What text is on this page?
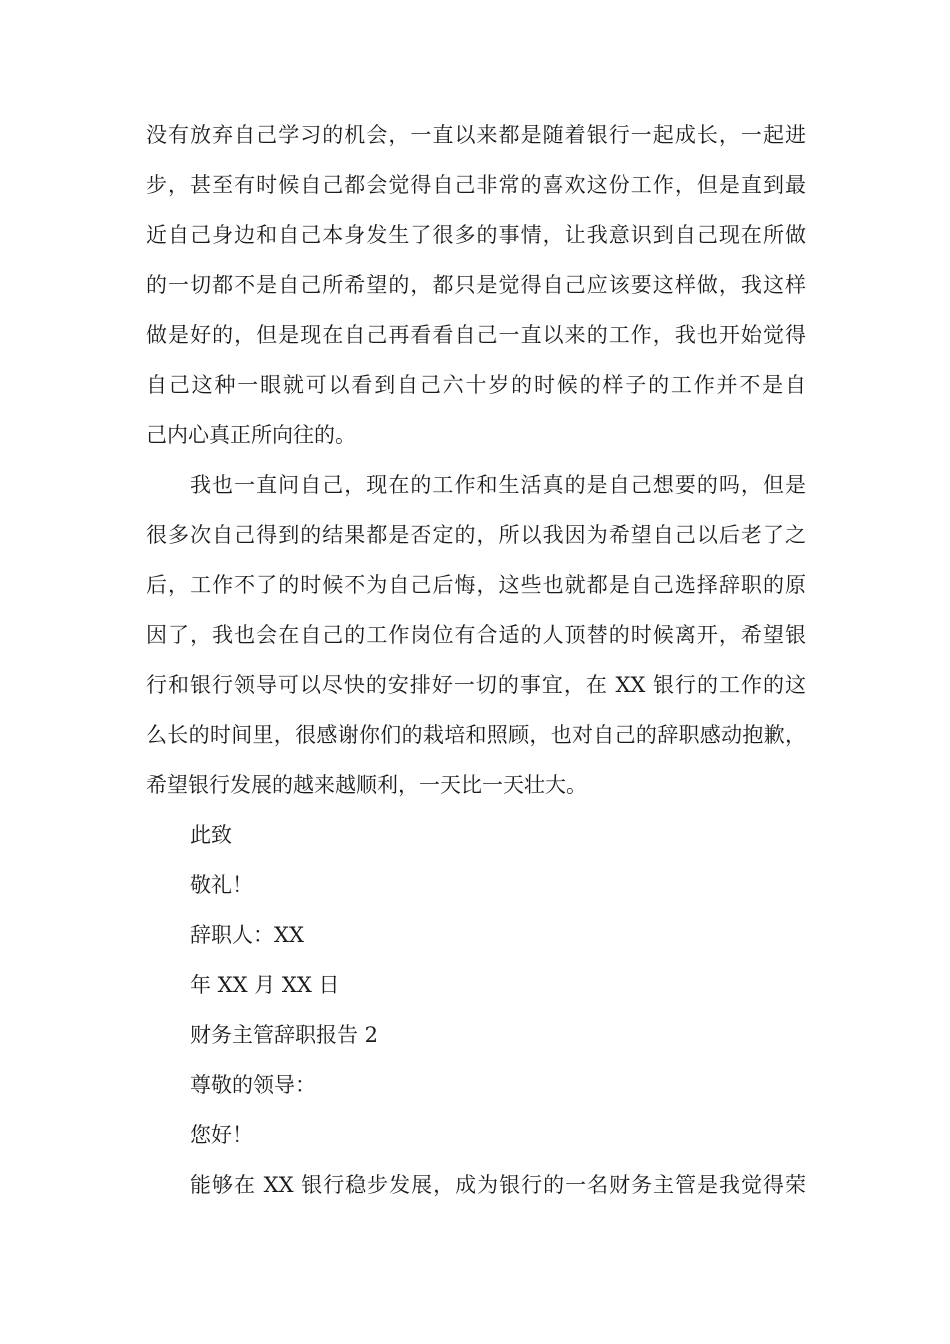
没有放弃自己学习的机会，一直以来都是随着银行一起成长，一起进
步，甚至有时候自己都会觉得自己非常的喜欢这份工作，但是直到最
近自己身边和自己本身发生了很多的事情，让我意识到自己现在所做
的一切都不是自己所希望的，都只是觉得自己应该要这样做，我这样
做是好的，但是现在自己再看看自己一直以来的工作，我也开始觉得
自己这种一眼就可以看到自己六十岁的时候的样子的工作并不是自
己内心真正所向往的。
我也一直问自己，现在的工作和生活真的是自己想要的吗，但是
很多次自己得到的结果都是否定的，所以我因为希望自己以后老了之
后，工作不了的时候不为自己后悔，这些也就都是自己选择辞职的原
因了，我也会在自己的工作岗位有合适的人顶替的时候离开，希望银
行和银行领导可以尽快的安排好一切的事宜，在 XX 银行的工作的这
么长的时间里，很感谢你们的栽培和照顾，也对自己的辞职感动抱歉，
希望银行发展的越来越顺利，一天比一天壮大。
此致
敬礼！
辞职人：XX
年 XX 月 XX 日
财务主管辞职报告 2
尊敬的领导：
您好！
能够在 XX 银行稳步发展，成为银行的一名财务主管是我觉得荣
